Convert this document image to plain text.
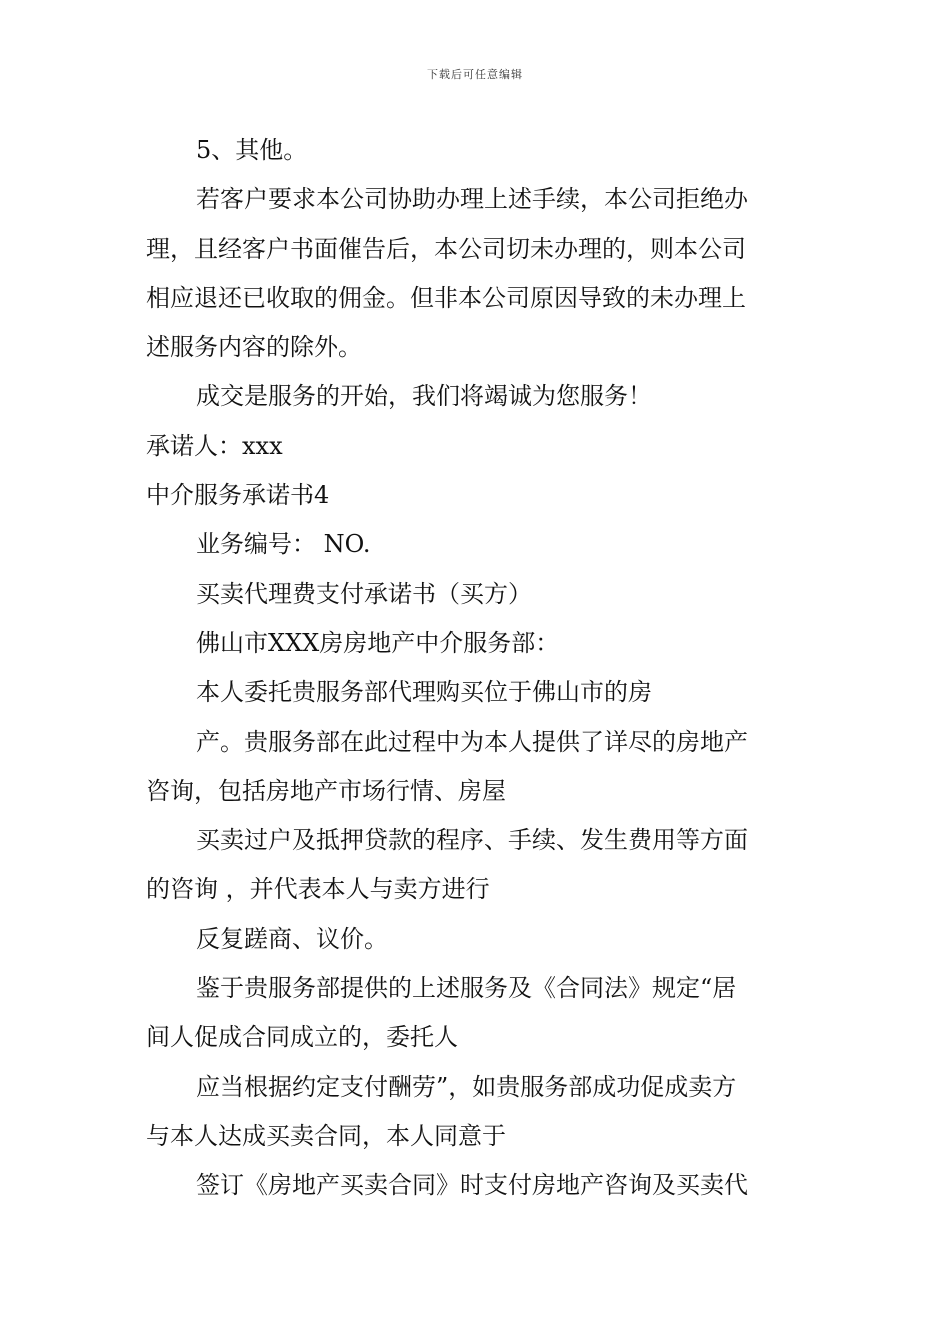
下载后可任意编辑
5、其他。
若客户要求本公司协助办理上述手续，本公司拒绝办
理，且经客户书面催告后，本公司切未办理的，则本公司
相应退还已收取的佣金。但非本公司原因导致的未办理上
述服务内容的除外。
成交是服务的开始，我们将竭诚为您服务！
承诺人：xxx
中介服务承诺书4
业务编号： NO.
买卖代理费支付承诺书（买方）
佛山市XXX房房地产中介服务部：
本人委托贵服务部代理购买位于佛山市的房
产。贵服务部在此过程中为本人提供了详尽的房地产
咨询，包括房地产市场行情、房屋
买卖过户及抵押贷款的程序、手续、发生费用等方面
的咨询 ，并代表本人与卖方进行
反复蹉商、议价。
鉴于贵服务部提供的上述服务及《合同法》规定“居
间人促成合同成立的，委托人
应当根据约定支付酬劳”，如贵服务部成功促成卖方
与本人达成买卖合同，本人同意于
签订《房地产买卖合同》时支付房地产咨询及买卖代
